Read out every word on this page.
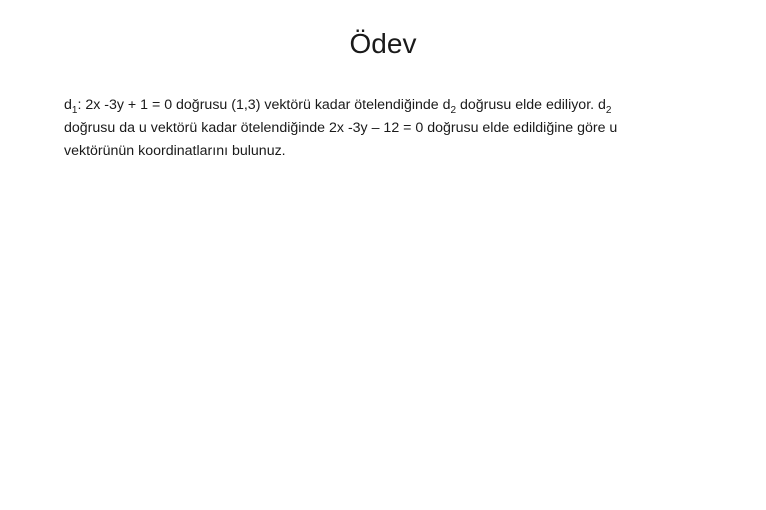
Ödev
$d_1$: 2x -3y + 1 = 0 doğrusu (1,3) vektörü kadar ötelendiğinde $d_2$ doğrusu elde ediliyor. $d_2$
doğrusu da u vektörü kadar ötelendiğinde 2x -3y – 12 = 0 doğrusu elde edildiğine göre u
vektörünün koordinatlarını bulunuz.
